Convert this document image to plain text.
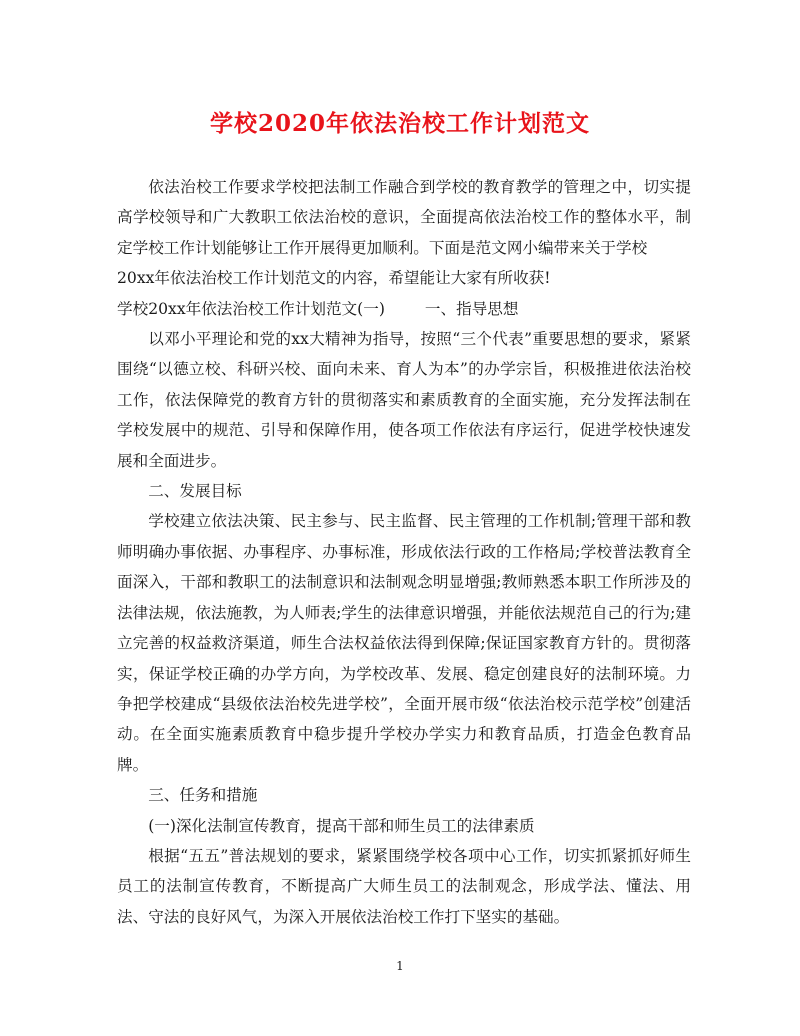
学校2020年依法治校工作计划范文

依法治校工作要求学校把法制工作融合到学校的教育教学的管理之中，切实提高学校领导和广大教职工依法治校的意识，全面提高依法治校工作的整体水平，制定学校工作计划能够让工作开展得更加顺利。下面是范文网小编带来关于学校

20xx年依法治校工作计划范文的内容，希望能让大家有所收获!

学校20xx年依法治校工作计划范文(一)	一、指导思想

以邓小平理论和党的xx大精神为指导，按照“三个代表”重要思想的要求，紧紧围绕“以德立校、科研兴校、面向未来、育人为本”的办学宗旨，积极推进依法治校工作，依法保障党的教育方针的贯彻落实和素质教育的全面实施，充分发挥法制在学校发展中的规范、引导和保障作用，使各项工作依法有序运行，促进学校快速发展和全面进步。

二、发展目标

学校建立依法决策、民主参与、民主监督、民主管理的工作机制;管理干部和教师明确办事依据、办事程序、办事标准，形成依法行政的工作格局;学校普法教育全面深入，干部和教职工的法制意识和法制观念明显增强;教师熟悉本职工作所涉及的法律法规，依法施教，为人师表;学生的法律意识增强，并能依法规范自己的行为;建立完善的权益救济渠道，师生合法权益依法得到保障;保证国家教育方针的。贯彻落实，保证学校正确的办学方向，为学校改革、发展、稳定创建良好的法制环境。力争把学校建成“县级依法治校先进学校”，全面开展市级“依法治校示范学校”创建活动。在全面实施素质教育中稳步提升学校办学实力和教育品质，打造金色教育品牌。

三、任务和措施

(一)深化法制宣传教育，提高干部和师生员工的法律素质

根据“五五”普法规划的要求，紧紧围绕学校各项中心工作，切实抓紧抓好师生员工的法制宣传教育，不断提高广大师生员工的法制观念，形成学法、懂法、用法、守法的良好风气，为深入开展依法治校工作打下坚实的基础。

1
